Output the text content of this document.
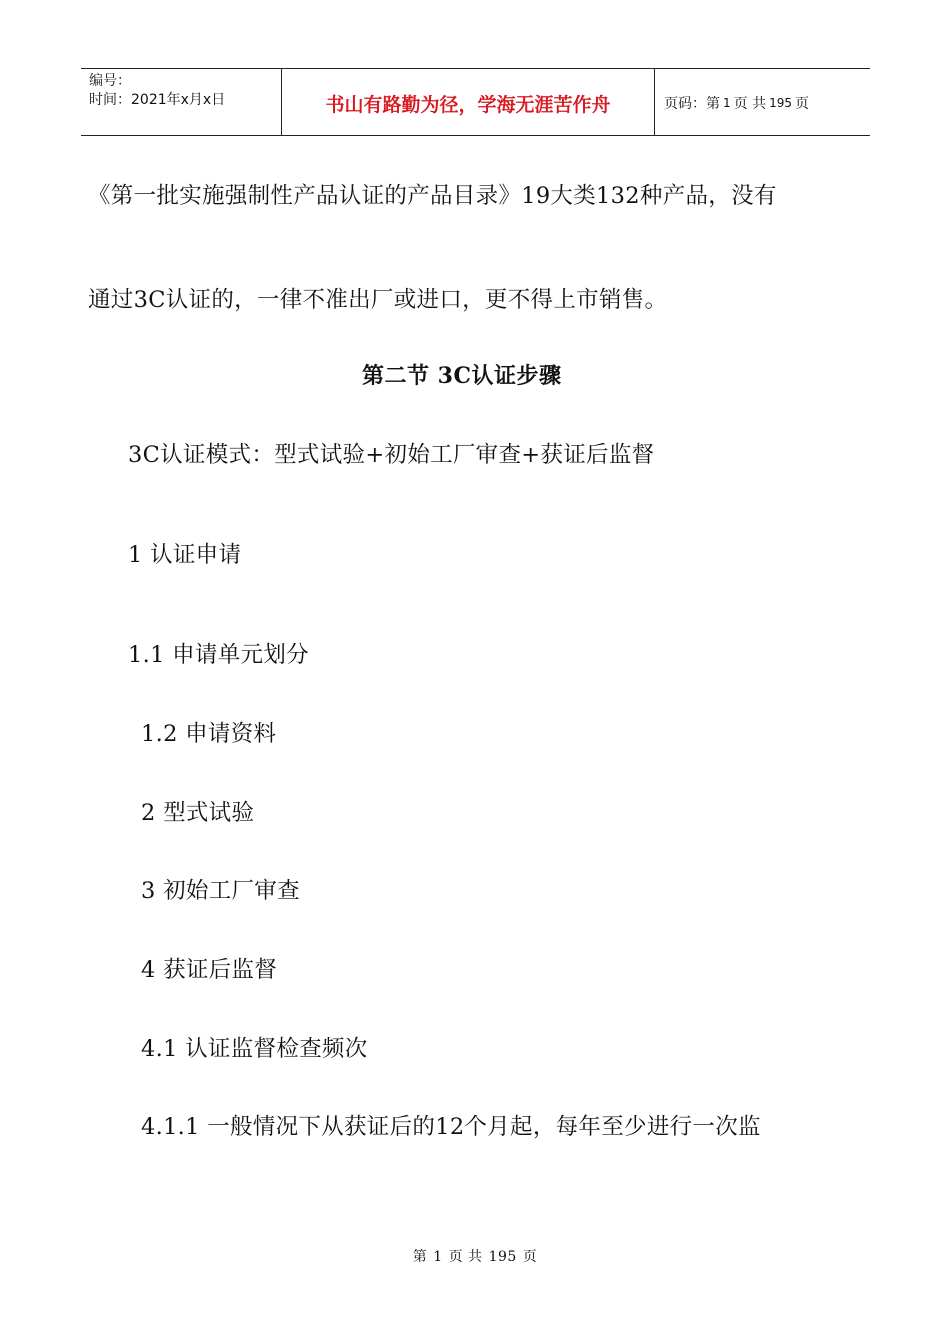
编号：
时间：2021年x月x日	书山有路勤为径，学海无涯苦作舟	页码：第 1 页 共 195 页
《第一批实施强制性产品认证的产品目录》19大类132种产品，没有
通过3C认证的，一律不准出厂或进口，更不得上市销售。
第二节 3C认证步骤
3C认证模式：型式试验+初始工厂审查+获证后监督
1 认证申请
1.1 申请单元划分
1.2 申请资料
2 型式试验
3 初始工厂审查
4 获证后监督
4.1 认证监督检查频次
4.1.1 一般情况下从获证后的12个月起，每年至少进行一次监
第 1 页 共 195 页
